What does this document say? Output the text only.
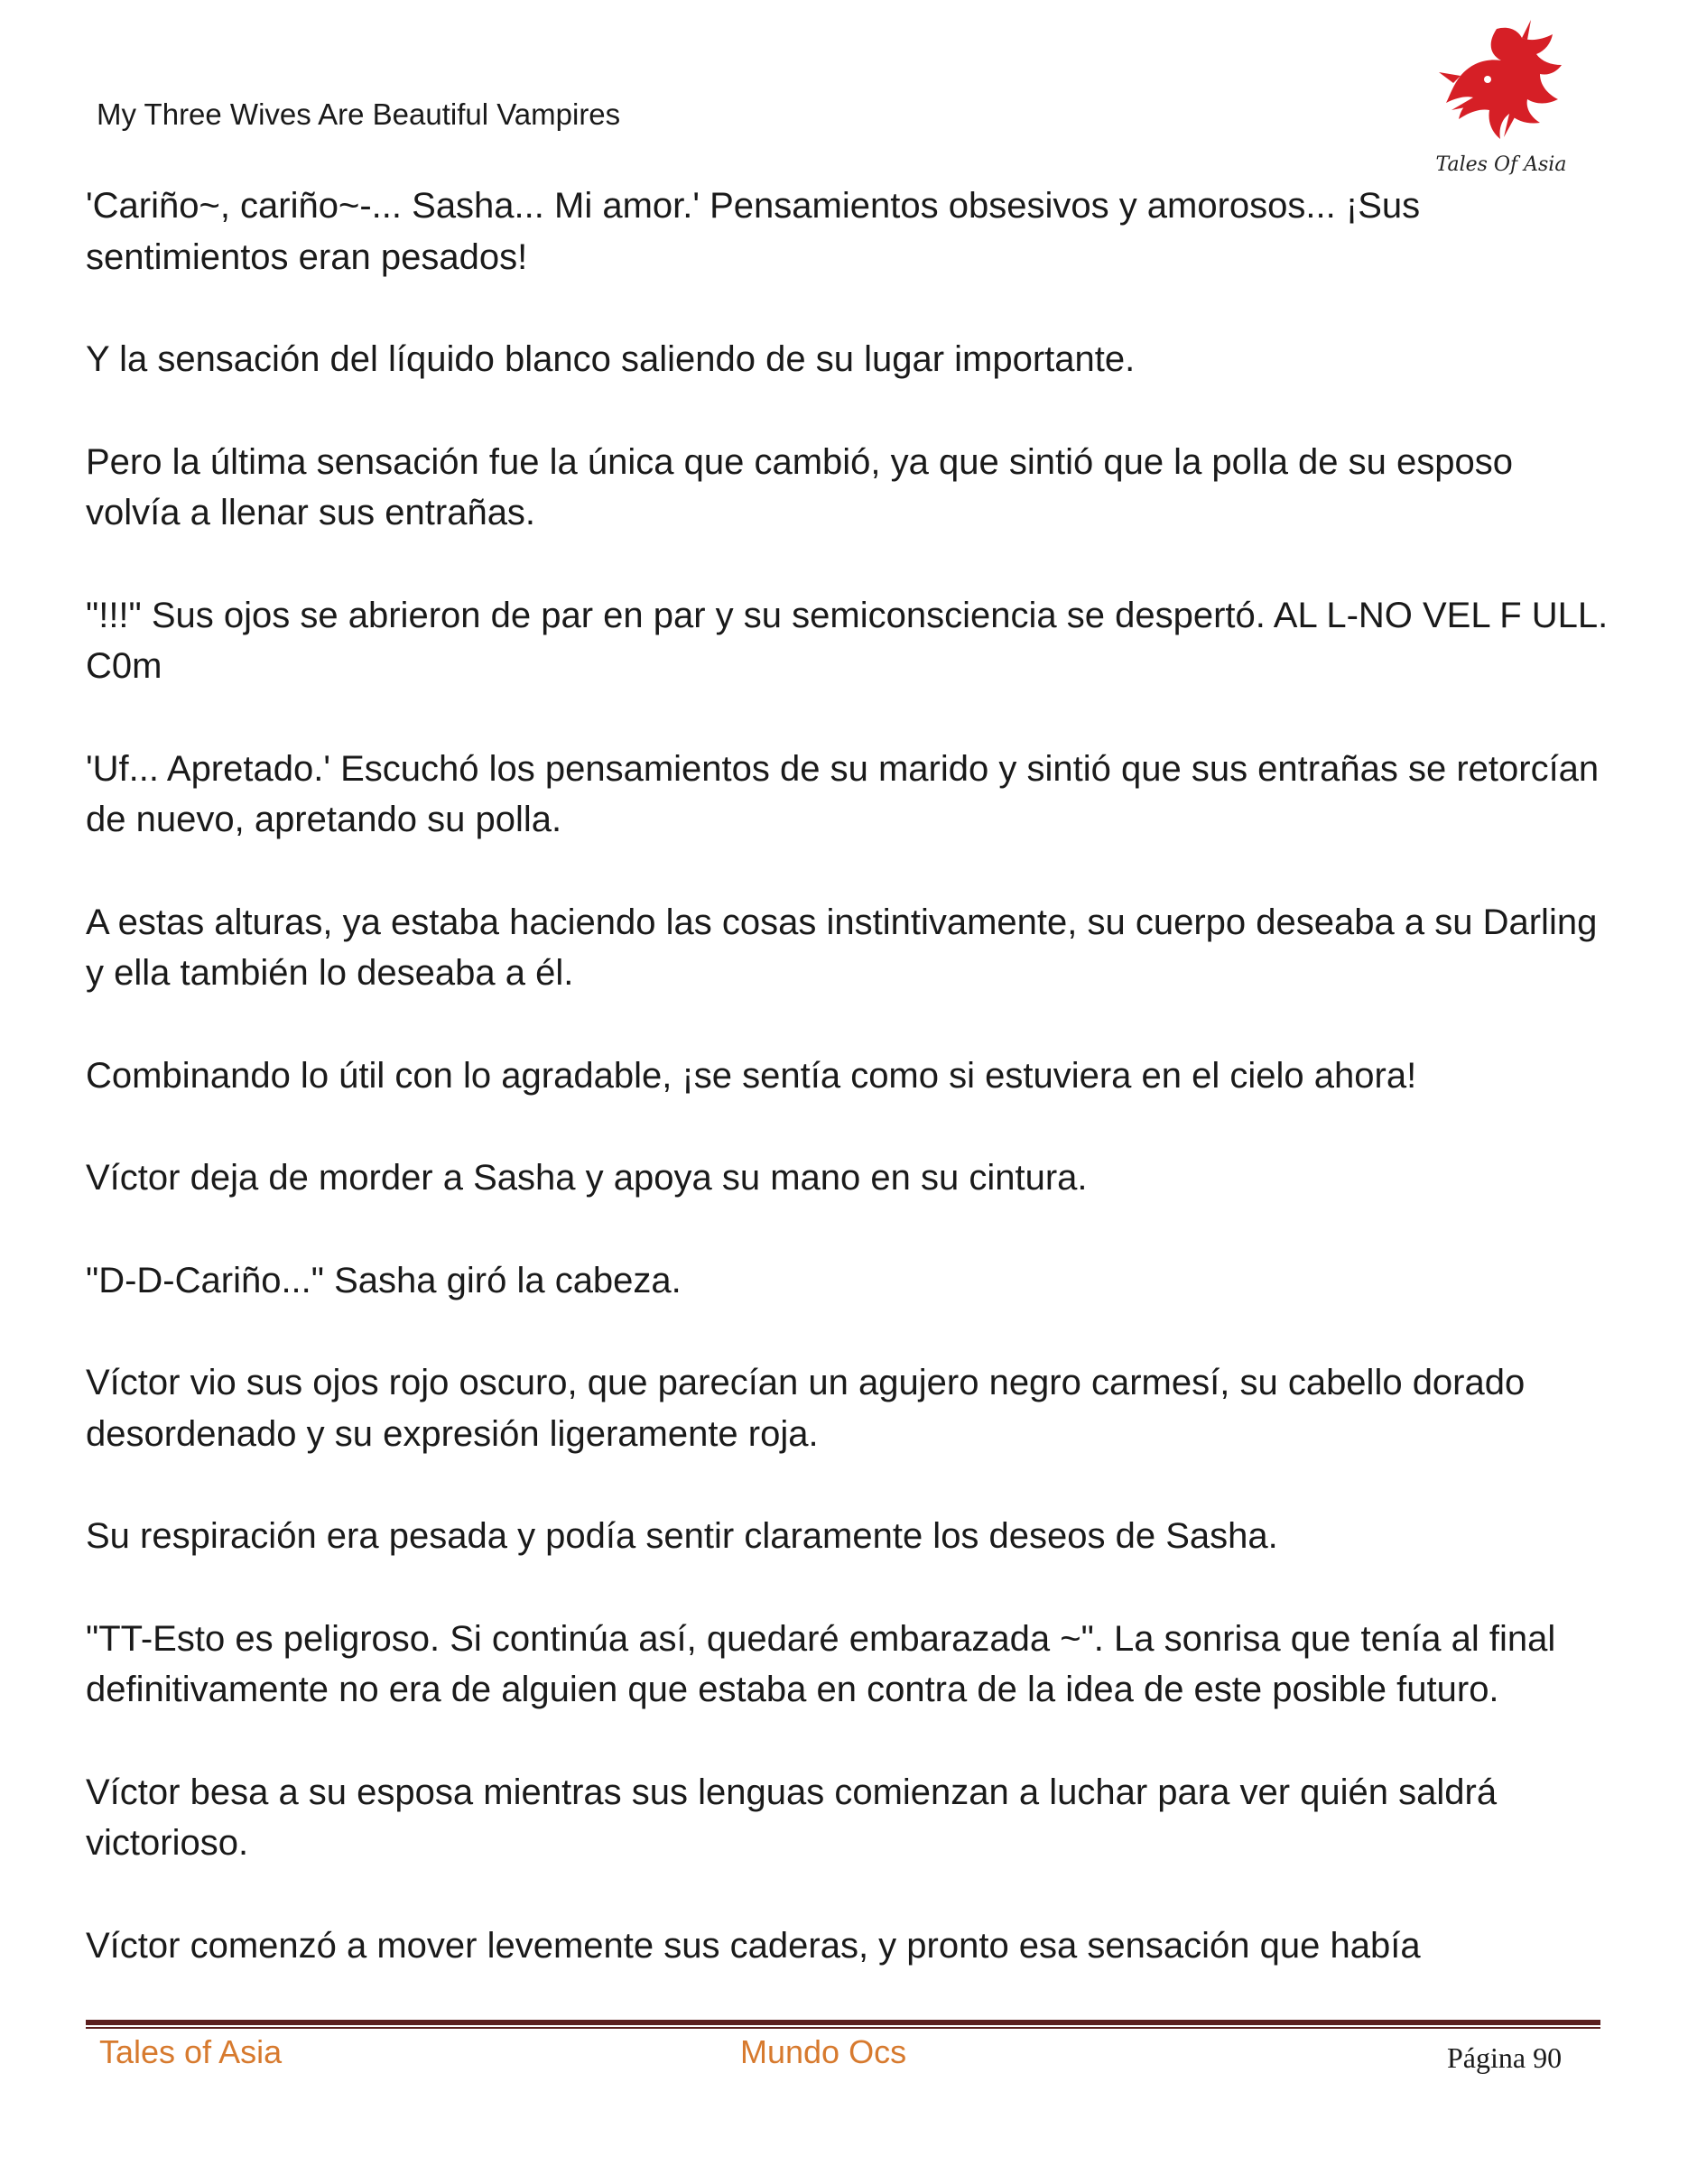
My Three Wives Are Beautiful Vampires
Tales Of Asia

'Cariño~, cariño~-... Sasha... Mi amor.' Pensamientos obsesivos y amorosos... ¡Sus sentimientos eran pesados!

Y la sensación del líquido blanco saliendo de su lugar importante.

Pero la última sensación fue la única que cambió, ya que sintió que la polla de su esposo volvía a llenar sus entrañas.

"!!!" Sus ojos se abrieron de par en par y su semiconsciencia se despertó. AL L-NO VEL F ULL. C0m

'Uf... Apretado.' Escuchó los pensamientos de su marido y sintió que sus entrañas se retorcían de nuevo, apretando su polla.

A estas alturas, ya estaba haciendo las cosas instintivamente, su cuerpo deseaba a su Darling y ella también lo deseaba a él.

Combinando lo útil con lo agradable, ¡se sentía como si estuviera en el cielo ahora!

Víctor deja de morder a Sasha y apoya su mano en su cintura.

"D-D-Cariño..." Sasha giró la cabeza.

Víctor vio sus ojos rojo oscuro, que parecían un agujero negro carmesí, su cabello dorado desordenado y su expresión ligeramente roja.

Su respiración era pesada y podía sentir claramente los deseos de Sasha.

"TT-Esto es peligroso. Si continúa así, quedaré embarazada ~". La sonrisa que tenía al final definitivamente no era de alguien que estaba en contra de la idea de este posible futuro.

Víctor besa a su esposa mientras sus lenguas comienzan a luchar para ver quién saldrá victorioso.

Víctor comenzó a mover levemente sus caderas, y pronto esa sensación que había

Tales of Asia	Mundo Ocs	Página 90
